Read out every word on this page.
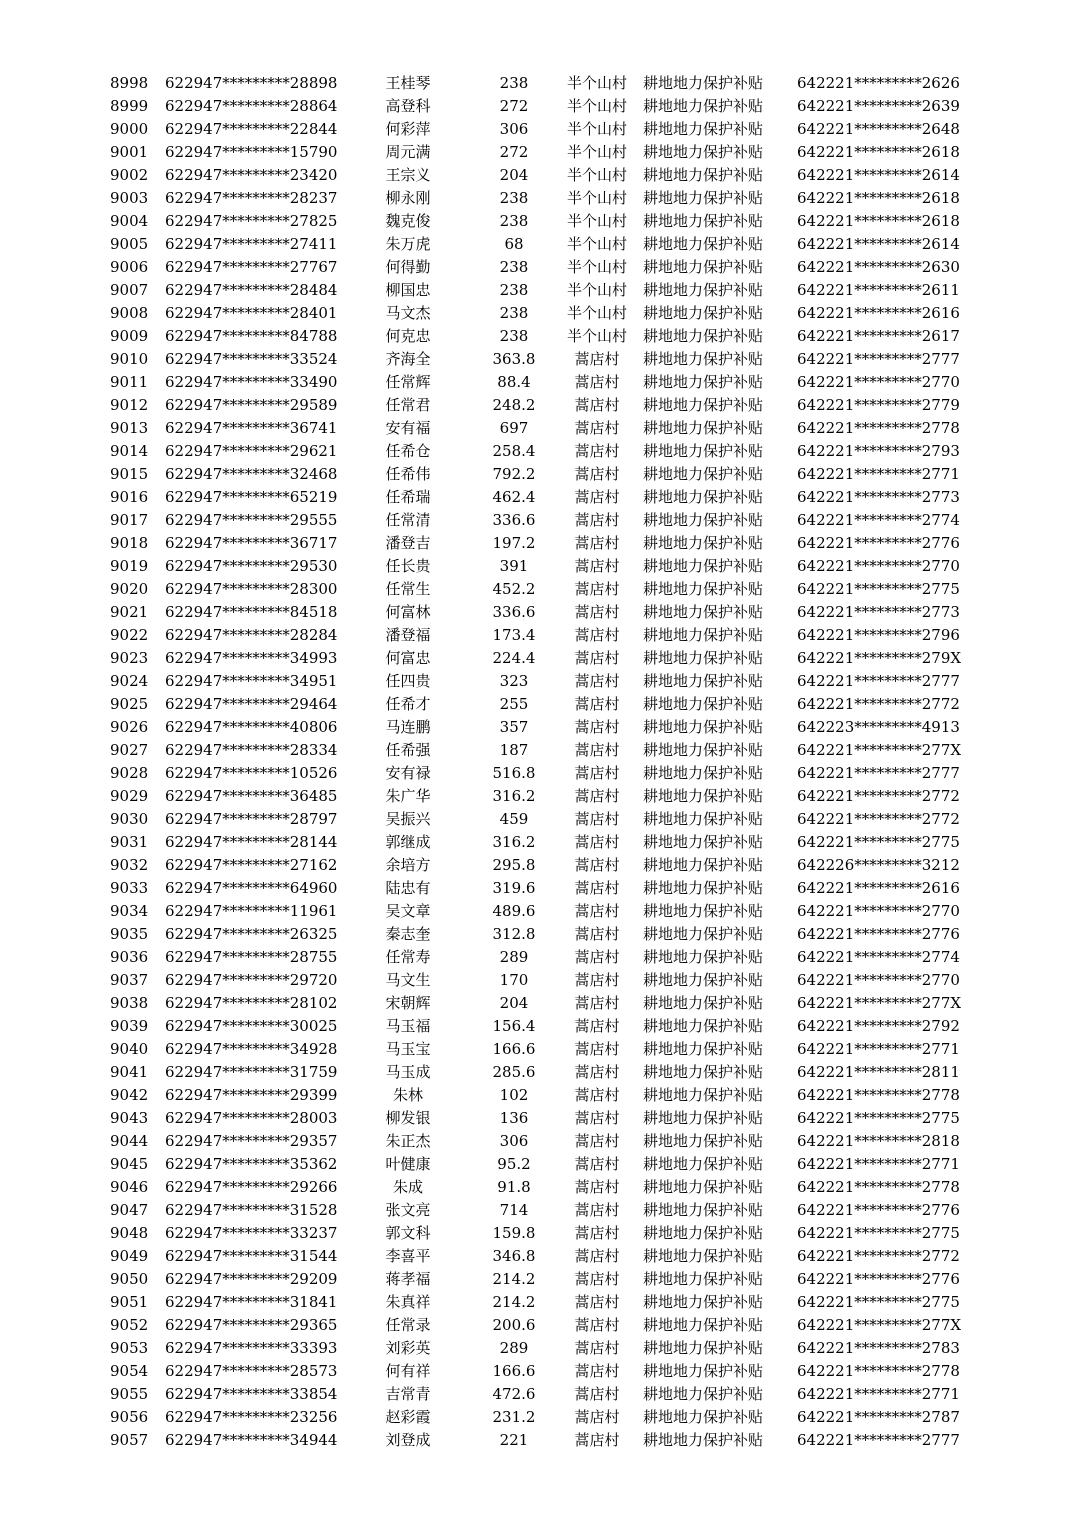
8998	622947*********28898	王桂琴	238	半个山村	耕地地力保护补贴	642221*********2626
8999	622947*********28864	高登科	272	半个山村	耕地地力保护补贴	642221*********2639
9000	622947*********22844	何彩萍	306	半个山村	耕地地力保护补贴	642221*********2648
9001	622947*********15790	周元满	272	半个山村	耕地地力保护补贴	642221*********2618
9002	622947*********23420	王宗义	204	半个山村	耕地地力保护补贴	642221*********2614
9003	622947*********28237	柳永刚	238	半个山村	耕地地力保护补贴	642221*********2618
9004	622947*********27825	魏克俊	238	半个山村	耕地地力保护补贴	642221*********2618
9005	622947*********27411	朱万虎	68	半个山村	耕地地力保护补贴	642221*********2614
9006	622947*********27767	何得勤	238	半个山村	耕地地力保护补贴	642221*********2630
9007	622947*********28484	柳国忠	238	半个山村	耕地地力保护补贴	642221*********2611
9008	622947*********28401	马文杰	238	半个山村	耕地地力保护补贴	642221*********2616
9009	622947*********84788	何克忠	238	半个山村	耕地地力保护补贴	642221*********2617
9010	622947*********33524	齐海全	363.8	蒿店村	耕地地力保护补贴	642221*********2777
9011	622947*********33490	任常辉	88.4	蒿店村	耕地地力保护补贴	642221*********2770
9012	622947*********29589	任常君	248.2	蒿店村	耕地地力保护补贴	642221*********2779
9013	622947*********36741	安有福	697	蒿店村	耕地地力保护补贴	642221*********2778
9014	622947*********29621	任希仓	258.4	蒿店村	耕地地力保护补贴	642221*********2793
9015	622947*********32468	任希伟	792.2	蒿店村	耕地地力保护补贴	642221*********2771
9016	622947*********65219	任希瑞	462.4	蒿店村	耕地地力保护补贴	642221*********2773
9017	622947*********29555	任常清	336.6	蒿店村	耕地地力保护补贴	642221*********2774
9018	622947*********36717	潘登吉	197.2	蒿店村	耕地地力保护补贴	642221*********2776
9019	622947*********29530	任长贵	391	蒿店村	耕地地力保护补贴	642221*********2770
9020	622947*********28300	任常生	452.2	蒿店村	耕地地力保护补贴	642221*********2775
9021	622947*********84518	何富林	336.6	蒿店村	耕地地力保护补贴	642221*********2773
9022	622947*********28284	潘登福	173.4	蒿店村	耕地地力保护补贴	642221*********2796
9023	622947*********34993	何富忠	224.4	蒿店村	耕地地力保护补贴	642221*********279X
9024	622947*********34951	任四贵	323	蒿店村	耕地地力保护补贴	642221*********2777
9025	622947*********29464	任希才	255	蒿店村	耕地地力保护补贴	642221*********2772
9026	622947*********40806	马连鹏	357	蒿店村	耕地地力保护补贴	642223*********4913
9027	622947*********28334	任希强	187	蒿店村	耕地地力保护补贴	642221*********277X
9028	622947*********10526	安有禄	516.8	蒿店村	耕地地力保护补贴	642221*********2777
9029	622947*********36485	朱广华	316.2	蒿店村	耕地地力保护补贴	642221*********2772
9030	622947*********28797	吴振兴	459	蒿店村	耕地地力保护补贴	642221*********2772
9031	622947*********28144	郭继成	316.2	蒿店村	耕地地力保护补贴	642221*********2775
9032	622947*********27162	余培方	295.8	蒿店村	耕地地力保护补贴	642226*********3212
9033	622947*********64960	陆忠有	319.6	蒿店村	耕地地力保护补贴	642221*********2616
9034	622947*********11961	吴文章	489.6	蒿店村	耕地地力保护补贴	642221*********2770
9035	622947*********26325	秦志奎	312.8	蒿店村	耕地地力保护补贴	642221*********2776
9036	622947*********28755	任常寿	289	蒿店村	耕地地力保护补贴	642221*********2774
9037	622947*********29720	马文生	170	蒿店村	耕地地力保护补贴	642221*********2770
9038	622947*********28102	宋朝辉	204	蒿店村	耕地地力保护补贴	642221*********277X
9039	622947*********30025	马玉福	156.4	蒿店村	耕地地力保护补贴	642221*********2792
9040	622947*********34928	马玉宝	166.6	蒿店村	耕地地力保护补贴	642221*********2771
9041	622947*********31759	马玉成	285.6	蒿店村	耕地地力保护补贴	642221*********2811
9042	622947*********29399	朱林	102	蒿店村	耕地地力保护补贴	642221*********2778
9043	622947*********28003	柳发银	136	蒿店村	耕地地力保护补贴	642221*********2775
9044	622947*********29357	朱正杰	306	蒿店村	耕地地力保护补贴	642221*********2818
9045	622947*********35362	叶健康	95.2	蒿店村	耕地地力保护补贴	642221*********2771
9046	622947*********29266	朱成	91.8	蒿店村	耕地地力保护补贴	642221*********2778
9047	622947*********31528	张文亮	714	蒿店村	耕地地力保护补贴	642221*********2776
9048	622947*********33237	郭文科	159.8	蒿店村	耕地地力保护补贴	642221*********2775
9049	622947*********31544	李喜平	346.8	蒿店村	耕地地力保护补贴	642221*********2772
9050	622947*********29209	蒋孝福	214.2	蒿店村	耕地地力保护补贴	642221*********2776
9051	622947*********31841	朱真祥	214.2	蒿店村	耕地地力保护补贴	642221*********2775
9052	622947*********29365	任常录	200.6	蒿店村	耕地地力保护补贴	642221*********277X
9053	622947*********33393	刘彩英	289	蒿店村	耕地地力保护补贴	642221*********2783
9054	622947*********28573	何有祥	166.6	蒿店村	耕地地力保护补贴	642221*********2778
9055	622947*********33854	吉常青	472.6	蒿店村	耕地地力保护补贴	642221*********2771
9056	622947*********23256	赵彩霞	231.2	蒿店村	耕地地力保护补贴	642221*********2787
9057	622947*********34944	刘登成	221	蒿店村	耕地地力保护补贴	642221*********2777
